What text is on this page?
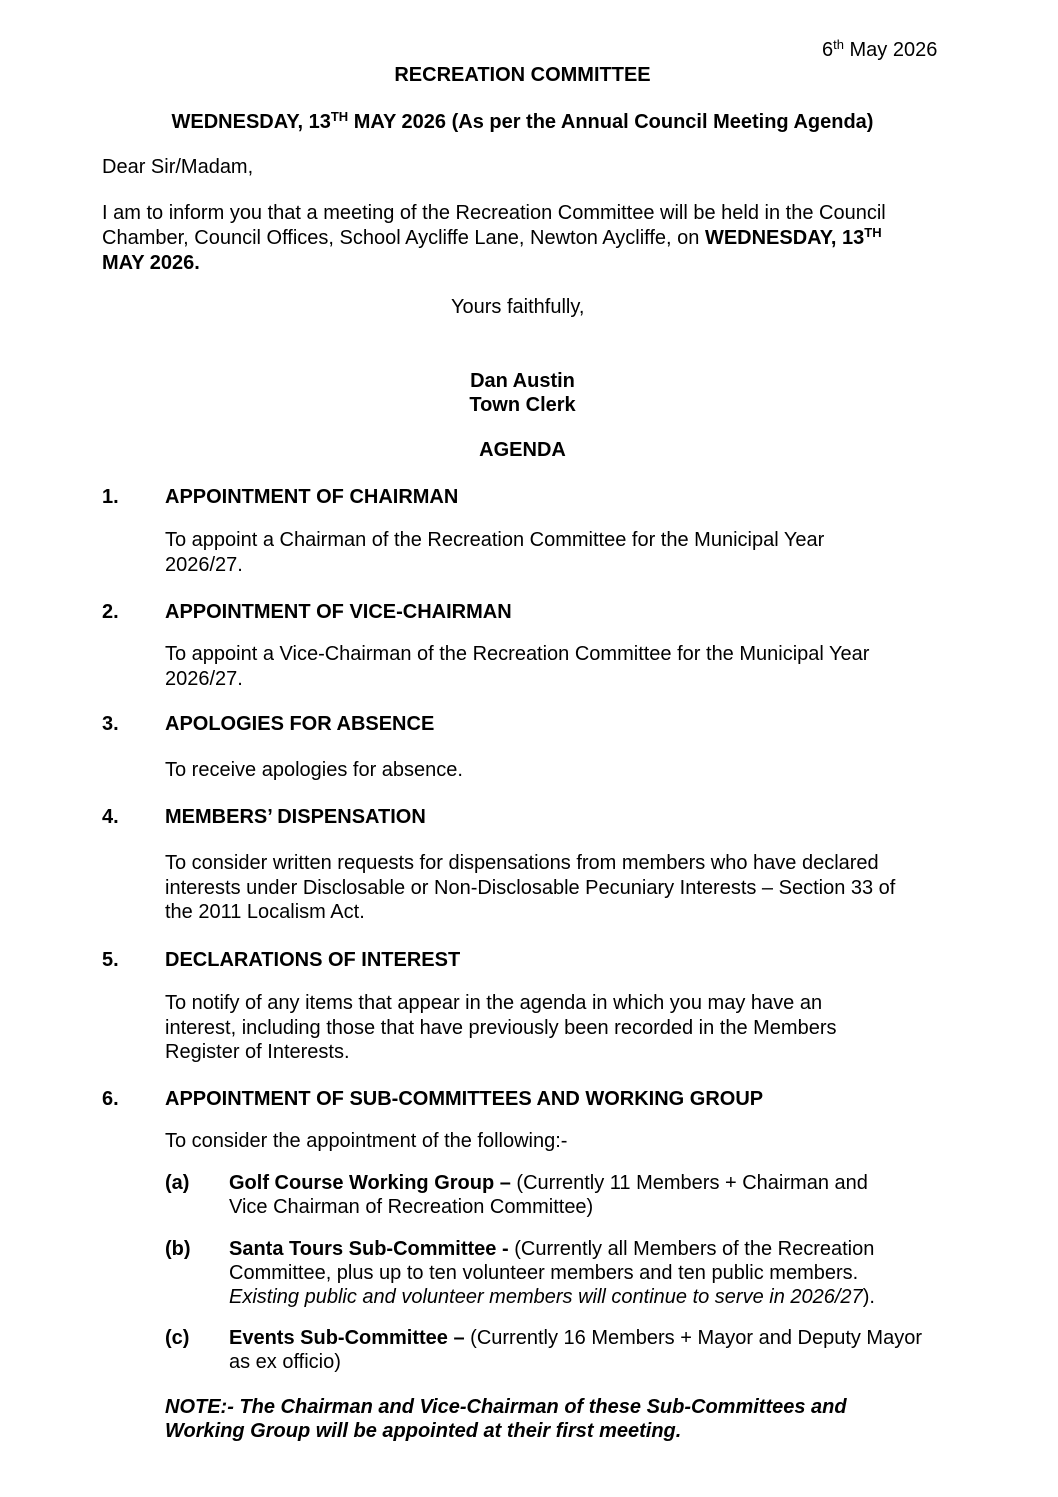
6th May 2026

RECREATION COMMITTEE

WEDNESDAY, 13TH MAY 2026 (As per the Annual Council Meeting Agenda)

Dear Sir/Madam,

I am to inform you that a meeting of the Recreation Committee will be held in the Council

Chamber, Council Offices, School Aycliffe Lane, Newton Aycliffe, on WEDNESDAY, 13TH

MAY 2026.

Yours faithfully,

Dan Austin

Town Clerk

AGENDA

1. APPOINTMENT OF CHAIRMAN
To appoint a Chairman of the Recreation Committee for the Municipal Year
2026/27.
2. APPOINTMENT OF VICE-CHAIRMAN
To appoint a Vice-Chairman of the Recreation Committee for the Municipal Year
2026/27.
3. APOLOGIES FOR ABSENCE
To receive apologies for absence.
4. MEMBERS’ DISPENSATION
To consider written requests for dispensations from members who have declared
interests under Disclosable or Non-Disclosable Pecuniary Interests – Section 33 of
the 2011 Localism Act.
5. DECLARATIONS OF INTEREST
To notify of any items that appear in the agenda in which you may have an
interest, including those that have previously been recorded in the Members
Register of Interests.
6. APPOINTMENT OF SUB-COMMITTEES AND WORKING GROUP
To consider the appointment of the following:-
(a) Golf Course Working Group – (Currently 11 Members + Chairman and
Vice Chairman of Recreation Committee)
(b) Santa Tours Sub-Committee - (Currently all Members of the Recreation
Committee, plus up to ten volunteer members and ten public members.
Existing public and volunteer members will continue to serve in 2026/27).
(c) Events Sub-Committee – (Currently 16 Members + Mayor and Deputy Mayor
as ex officio)

NOTE:- The Chairman and Vice-Chairman of these Sub-Committees and

Working Group will be appointed at their first meeting.
